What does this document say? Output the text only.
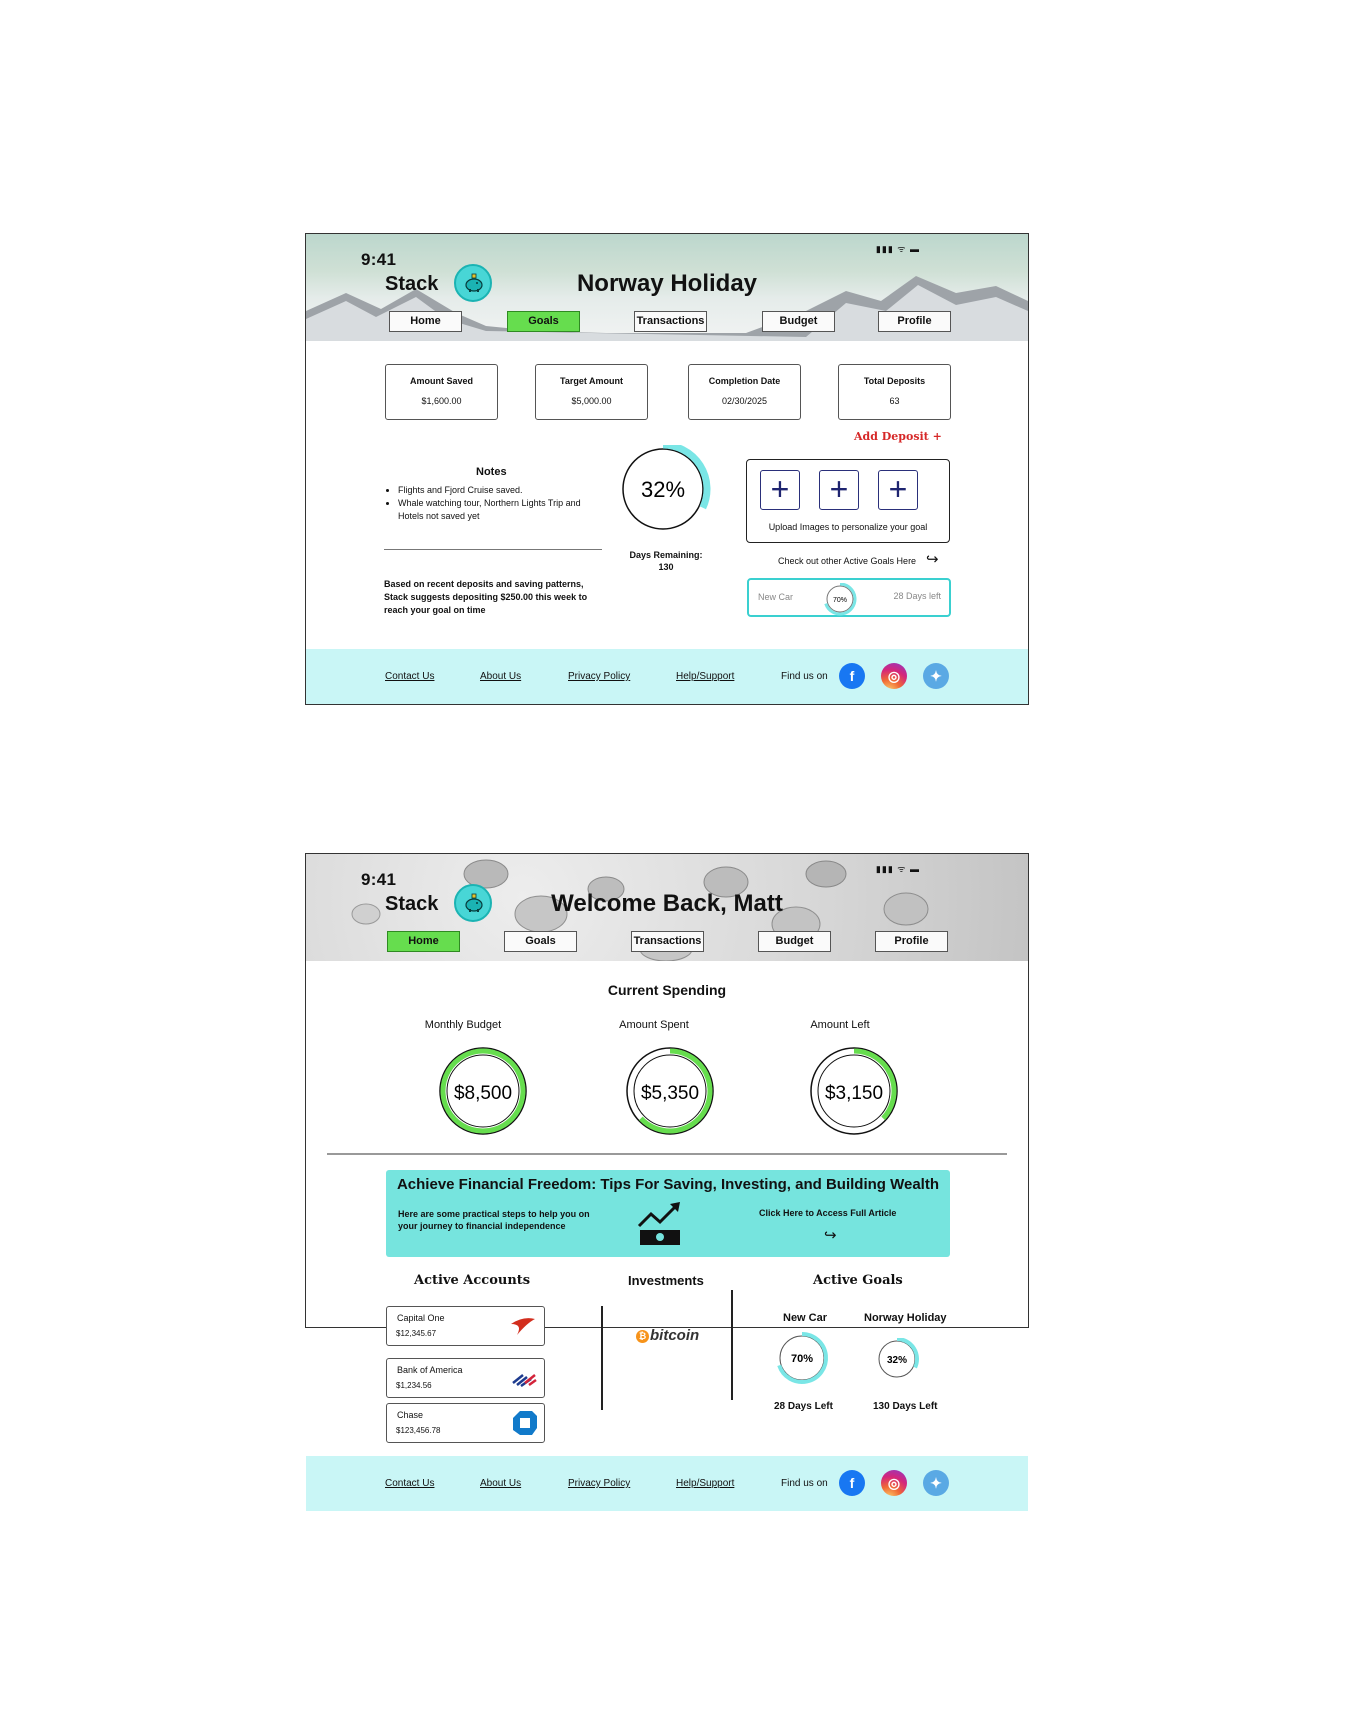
9:41
▮▮▮ ᯤ ▬
Stack	Norway Holiday
Home	Goals	Transactions	Budget	Profile
Amount Saved
$1,600.00
Target Amount
$5,000.00
Completion Date
02/30/2025
Total Deposits
63
Add Deposit +
Notes
• Flights and Fjord Cruise saved.
• Whale watching tour, Northern Lights Trip and Hotels not saved yet
Based on recent deposits and saving patterns, Stack suggests depositing $250.00 this week to reach your goal on time
32%
Days Remaining:
130
+	+	+
Upload Images to personalize your goal
Check out other Active Goals Here ↪
New Car	70%	28 Days left
Contact Us	About Us	Privacy Policy	Help/Support	Find us on	f	◎	✦
9:41
▮▮▮ ᯤ ▬
Stack	Welcome Back, Matt
Home	Goals	Transactions	Budget	Profile
Current Spending
Monthly Budget	Amount Spent	Amount Left
$8,500	$5,350	$3,150
Achieve Financial Freedom: Tips For Saving, Investing, and Building Wealth
Here are some practical steps to help you on your journey to financial independence
Click Here to Access Full Article
↪
Active Accounts	Investments	Active Goals
Capital One
$12,345.67
Bank of America
$1,234.56
Chase
$123,456.78
₿ bitcoin
New Car	Norway Holiday
70%	32%
28 Days Left	130 Days Left
Contact Us	About Us	Privacy Policy	Help/Support	Find us on	f	◎	✦
